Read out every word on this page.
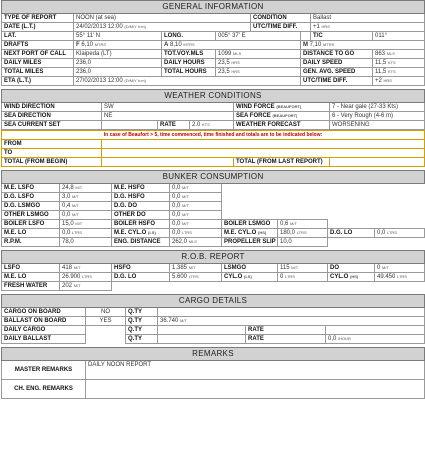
GENERAL INFORMATION							
TYPE OF REPORT	NOON (at sea)			CONDITION		Ballast	
DATE (L.T.)	24/02/2013 12:00 (D/M/Y h:m)			UTC/TIME DIFF.		+1 HRS	
LAT.	55° 11' N	LONG.	005° 37' E			T/C	011°
DRAFTS	F 6,10 MTRS	A 8,10 MTRS			M 7,10 MTRS		
NEXT PORT OF CALL	Klaipeda (LT)	TOT.VOY.MLS	1099 MLS		DISTANCE TO GO		863 MLS
DAILY MILES	236,0	DAILY HOURS	23,5 HRS		DAILY SPEED		11,5 KTS
TOTAL MILES	236,0	TOTAL HOURS	23,5 HRS		GEN. AVG. SPEED		11,5 KTS
ETA (L.T.)	27/02/2013 12:00 (D/M/Y h:m)				UTC/TIME DIFF.		+2 HRS
WEATHER CONDITIONS					
WIND DIRECTION	SW			WIND FORCE (BEAUFORT)	7 - Near gale (27-33 Kts)
SEA DIRECTION	NE			SEA FORCE (BEAUFORT)	6 - Very Rough (4-6 m)
SEA CURRENT SET		RATE	2.0 KTS	WEATHER FORECAST	WORSENING
In case of Beaufort > 5, time commenced, time finished and totals are to be indicated below:			
FROM			
TO			
TOTAL (FROM BEGIN)		TOTAL (FROM LAST REPORT)	
BUNKER CONSUMPTION							
M.E. LSFO	24,8 M/T	M.E. HSFO	0,0 M/T				
D.G. LSFO	3,0 M/T	D.G. HSFO	0,0 M/T				
D.G. LSMGO	0,4 M/T	D.G. DO	0,0 M/T				
OTHER LSMGO	0,0 M/T	OTHER DO	0,0 M/T				
BOILER LSFO	15,0 M/T	BOILER HSFO	0,0 M/T	BOILER LSMGO	0,6 M/T		
M.E. LO	0,0 LTRS	M.E. CYL.O (LS)	0,0 LTRS	M.E. CYL.O (HS)	180,0 LTRS	D.G. LO	0,0 LTRS
R.P.M.	78,0	ENG. DISTANCE	262,0 MLS	PROPELLER SLIP	10,0		
R.O.B. REPORT							
LSFO	418 M/T	HSFO	1.385 M/T	LSMGO	115 M/T	DO	0 M/T
M.E. LO	26.900 LTRS	D.G. LO	5.600 LTRS	CYL.O (LS)	0 LTRS	CYL.O (HS)	49.450 LTRS
FRESH WATER	202 M/T						
CARGO DETAILS					
CARGO ON BOARD	NO	Q.TY			
BALLAST ON BOARD	YES	Q.TY	36.740 M/T		
DAILY CARGO		Q.TY		RATE	
DAILY BALLAST		Q.TY		RATE	0,0 /HOUR
REMARKS	
MASTER REMARKS	DAILY NOON REPORT
CH. ENG. REMARKS	
